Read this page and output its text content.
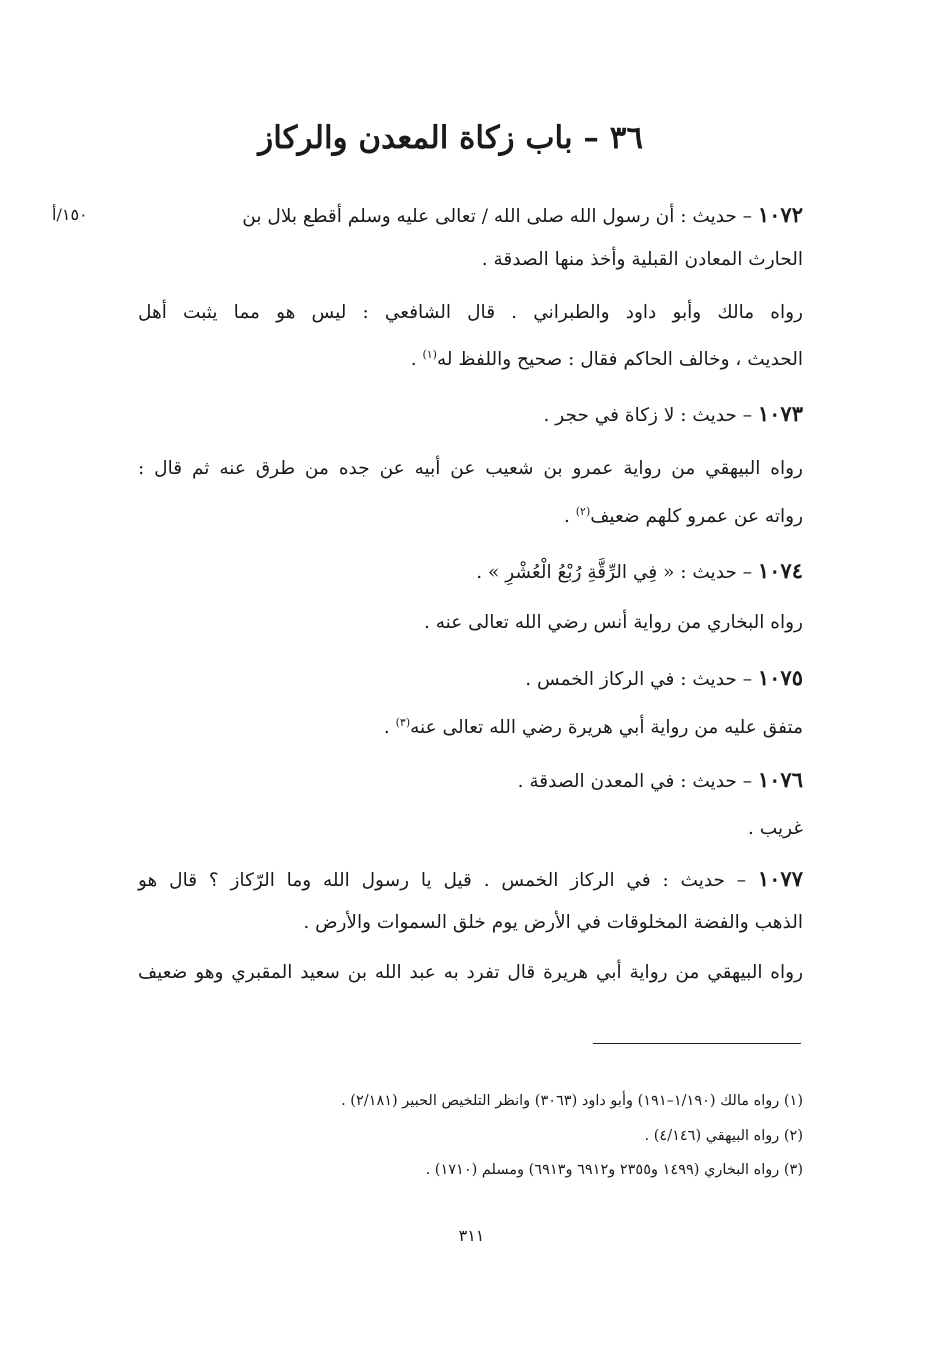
٣٦ – باب زكاة المعدن والركاز
١٥٠/أ	١٠٧٢ – حديث : أن رسول الله صلى الله / تعالى عليه وسلم أقطع بلال بن
الحارث المعادن القبلية وأخذ منها الصدقة .
رواه مالك وأبو داود والطبراني . قال الشافعي : ليس هو مما يثبت أهل
الحديث ، وخالف الحاكم فقال : صحيح واللفظ له$^{(١)}$ .
١٠٧٣ – حديث : لا زكاة في حجر .
رواه البيهقي من رواية عمرو بن شعيب عن أبيه عن جده من طرق عنه ثم قال :
رواته عن عمرو كلهم ضعيف$^{(٢)}$ .
١٠٧٤ – حديث : « فِي الرِّقَّةِ رُبْعُ الْعُشْرِ » .
رواه البخاري من رواية أنس رضي الله تعالى عنه .
١٠٧٥ – حديث : في الركاز الخمس .
متفق عليه من رواية أبي هريرة رضي الله تعالى عنه$^{(٣)}$ .
١٠٧٦ – حديث : في المعدن الصدقة .
غريب .
١٠٧٧ – حديث : في الركاز الخمس . قيل يا رسول الله وما الرّكاز ؟ قال هو
الذهب والفضة المخلوقات في الأرض يوم خلق السموات والأرض .
رواه البيهقي من رواية أبي هريرة قال تفرد به عبد الله بن سعيد المقبري وهو ضعيف
(١) رواه مالك (١/١٩٠–١٩١) وأبو داود (٣٠٦٣) وانظر التلخيص الحبير (٢/١٨١) .
(٢) رواه البيهقي (٤/١٤٦) .
(٣) رواه البخاري (١٤٩٩ و٢٣٥٥ و٦٩١٢ و٦٩١٣) ومسلم (١٧١٠) .
٣١١
